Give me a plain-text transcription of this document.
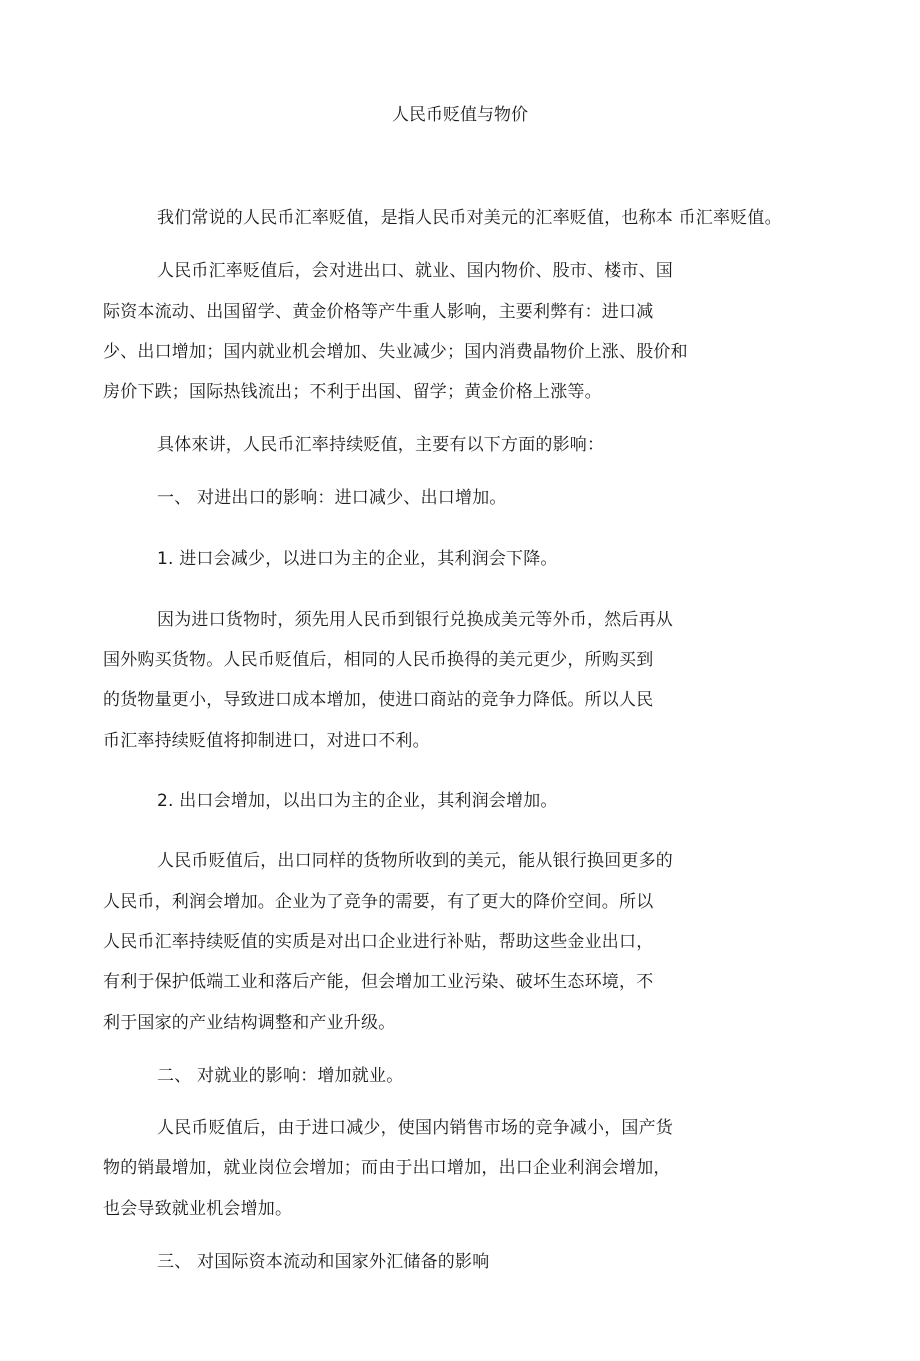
人民币贬值与物价
我们常说的人民币汇率贬值，是指人民币对美元的汇率贬值，也称本 币汇率贬值。
人民币汇率贬值后，会对进出口、就业、国内物价、股市、楼市、国
际资本流动、出国留学、黄金价格等产牛重人影响，主要利弊有：进口减
少、出口增加；国内就业机会增加、失业减少；国内消费晶物价上涨、股价和
房价下跌；国际热钱流出；不利于出国、留学；黄金价格上涨等。
具体來讲，人民币汇率持续贬值，主要有以下方面的影响：
一、 对进出口的影响：进口减少、出口增加。
1. 进口会减少，以进口为主的企业，其利润会下降。
因为进口货物时，须先用人民币到银行兑换成美元等外币，然后再从
国外购买货物。人民币贬值后，相同的人民币换得的美元更少，所购买到
的货物量更小，导致进口成本增加，使进口商站的竞争力降低。所以人民
币汇率持续贬值将抑制进口，对进口不利。
2. 出口会增加，以出口为主的企业，其利润会增加。
人民币贬值后，出口同样的货物所收到的美元，能从银行换回更多的
人民币，利润会增加。企业为了竞争的需要，有了更大的降价空间。所以
人民币汇率持续贬值的实质是对出口企业进行补贴，帮助这些金业出口，
有利于保护低端工业和落后产能，但会增加工业污染、破坏生态环境，不
利于国家的产业结构调整和产业升级。
二、 对就业的影响：增加就业。
人民币贬值后，由于进口减少，使国内销售市场的竞争减小，国产货
物的销最增加，就业岗位会增加；而由于出口增加，出口企业利润会增加，
也会导致就业机会增加。
三、 对国际资本流动和国家外汇储备的影响
